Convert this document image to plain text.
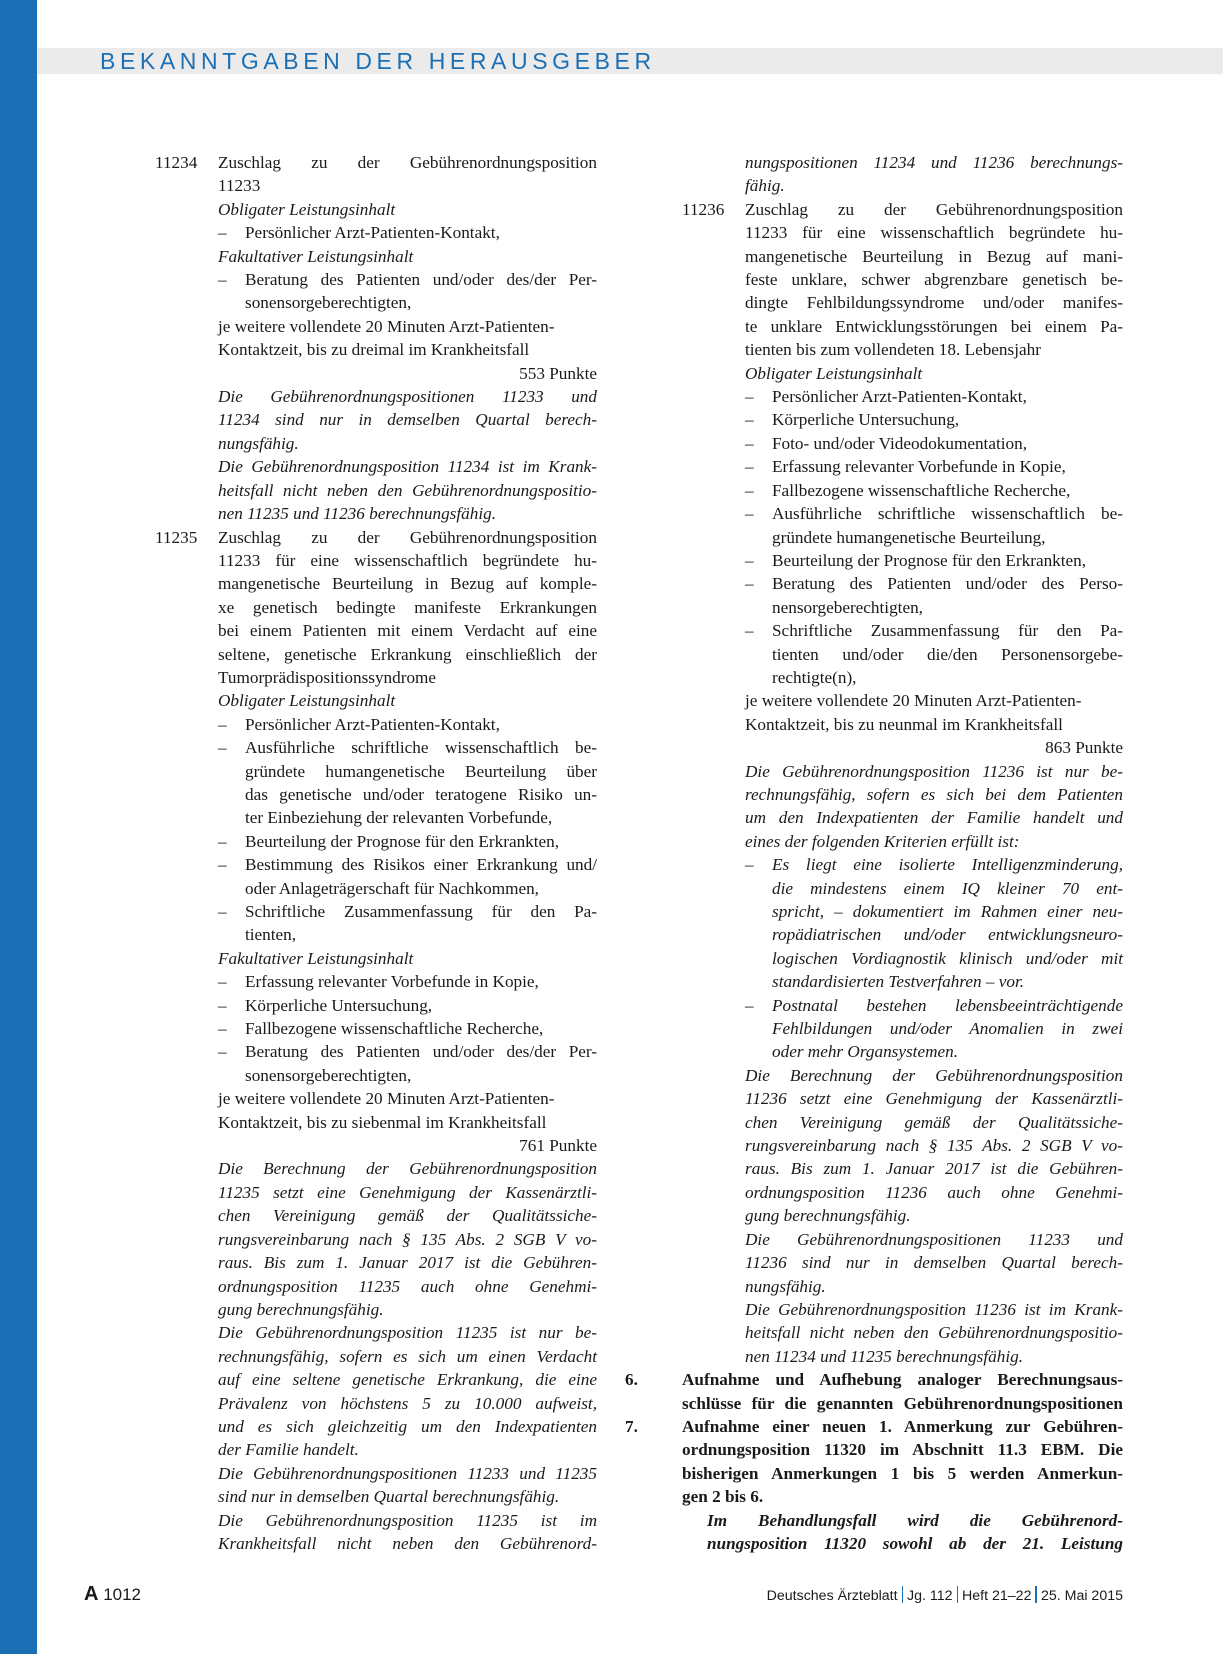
BEKANNTGABEN DER HERAUSGEBER
11234 Zuschlag zu der Gebührenordnungsposition
11233
Obligater Leistungsinhalt
– Persönlicher Arzt-Patienten-Kontakt,
Fakultativer Leistungsinhalt
– Beratung des Patienten und/oder des/der Per-
sonensorgeberechtigten,
je weitere vollendete 20 Minuten Arzt-Patienten-
Kontaktzeit, bis zu dreimal im Krankheitsfall
553 Punkte
Die Gebührenordnungspositionen 11233 und
11234 sind nur in demselben Quartal berech-
nungsfähig.
Die Gebührenordnungsposition 11234 ist im Krank-
heitsfall nicht neben den Gebührenordnungspositio-
nen 11235 und 11236 berechnungsfähig.
11235 Zuschlag zu der Gebührenordnungsposition
11233 für eine wissenschaftlich begründete hu-
mangenetische Beurteilung in Bezug auf komple-
xe genetisch bedingte manifeste Erkrankungen
bei einem Patienten mit einem Verdacht auf eine
seltene, genetische Erkrankung einschließlich der
Tumorprädispositionssyndrome
Obligater Leistungsinhalt
– Persönlicher Arzt-Patienten-Kontakt,
– Ausführliche schriftliche wissenschaftlich be-
gründete humangenetische Beurteilung über
das genetische und/oder teratogene Risiko un-
ter Einbeziehung der relevanten Vorbefunde,
– Beurteilung der Prognose für den Erkrankten,
– Bestimmung des Risikos einer Erkrankung und/
oder Anlageträgerschaft für Nachkommen,
– Schriftliche Zusammenfassung für den Pa-
tienten,
Fakultativer Leistungsinhalt
– Erfassung relevanter Vorbefunde in Kopie,
– Körperliche Untersuchung,
– Fallbezogene wissenschaftliche Recherche,
– Beratung des Patienten und/oder des/der Per-
sonensorgeberechtigten,
je weitere vollendete 20 Minuten Arzt-Patienten-
Kontaktzeit, bis zu siebenmal im Krankheitsfall
761 Punkte
Die Berechnung der Gebührenordnungsposition
11235 setzt eine Genehmigung der Kassenärztli-
chen Vereinigung gemäß der Qualitätssiche-
rungsvereinbarung nach § 135 Abs. 2 SGB V vo-
raus. Bis zum 1. Januar 2017 ist die Gebühren-
ordnungsposition 11235 auch ohne Genehmi-
gung berechnungsfähig.
Die Gebührenordnungsposition 11235 ist nur be-
rechnungsfähig, sofern es sich um einen Verdacht
auf eine seltene genetische Erkrankung, die eine
Prävalenz von höchstens 5 zu 10.000 aufweist,
und es sich gleichzeitig um den Indexpatienten
der Familie handelt.
Die Gebührenordnungspositionen 11233 und 11235
sind nur in demselben Quartal berechnungsfähig.
Die Gebührenordnungsposition 11235 ist im
Krankheitsfall nicht neben den Gebührenord-
nungspositionen 11234 und 11236 berechnungs-
fähig.
11236 Zuschlag zu der Gebührenordnungsposition
11233 für eine wissenschaftlich begründete hu-
mangenetische Beurteilung in Bezug auf mani-
feste unklare, schwer abgrenzbare genetisch be-
dingte Fehlbildungssyndrome und/oder manifes-
te unklare Entwicklungsstörungen bei einem Pa-
tienten bis zum vollendeten 18. Lebensjahr
Obligater Leistungsinhalt
– Persönlicher Arzt-Patienten-Kontakt,
– Körperliche Untersuchung,
– Foto- und/oder Videodokumentation,
– Erfassung relevanter Vorbefunde in Kopie,
– Fallbezogene wissenschaftliche Recherche,
– Ausführliche schriftliche wissenschaftlich be-
gründete humangenetische Beurteilung,
– Beurteilung der Prognose für den Erkrankten,
– Beratung des Patienten und/oder des Perso-
nensorgeberechtigten,
– Schriftliche Zusammenfassung für den Pa-
tienten und/oder die/den Personensorgebe-
rechtigte(n),
je weitere vollendete 20 Minuten Arzt-Patienten-
Kontaktzeit, bis zu neunmal im Krankheitsfall
863 Punkte
Die Gebührenordnungsposition 11236 ist nur be-
rechnungsfähig, sofern es sich bei dem Patienten
um den Indexpatienten der Familie handelt und
eines der folgenden Kriterien erfüllt ist:
– Es liegt eine isolierte Intelligenzminderung,
die mindestens einem IQ kleiner 70 ent-
spricht, – dokumentiert im Rahmen einer neu-
ropädiatrischen und/oder entwicklungsneuro-
logischen Vordiagnostik klinisch und/oder mit
standardisierten Testverfahren – vor.
– Postnatal bestehen lebensbeeinträchtigende
Fehlbildungen und/oder Anomalien in zwei
oder mehr Organsystemen.
Die Berechnung der Gebührenordnungsposition
11236 setzt eine Genehmigung der Kassenärztli-
chen Vereinigung gemäß der Qualitätssiche-
rungsvereinbarung nach § 135 Abs. 2 SGB V vo-
raus. Bis zum 1. Januar 2017 ist die Gebühren-
ordnungsposition 11236 auch ohne Genehmi-
gung berechnungsfähig.
Die Gebührenordnungspositionen 11233 und
11236 sind nur in demselben Quartal berech-
nungsfähig.
Die Gebührenordnungsposition 11236 ist im Krank-
heitsfall nicht neben den Gebührenordnungspositio-
nen 11234 und 11235 berechnungsfähig.
6.	Aufnahme und Aufhebung analoger Berechnungsaus-
schlüsse für die genannten Gebührenordnungspositionen
7.	Aufnahme einer neuen 1. Anmerkung zur Gebühren-
ordnungsposition 11320 im Abschnitt 11.3 EBM. Die
bisherigen Anmerkungen 1 bis 5 werden Anmerkun-
gen 2 bis 6.
Im Behandlungsfall wird die Gebührenord-
nungsposition 11320 sowohl ab der 21. Leistung
A 1012	Deutsches Ärzteblatt Jg. 112 Heft 21–22 25. Mai 2015
